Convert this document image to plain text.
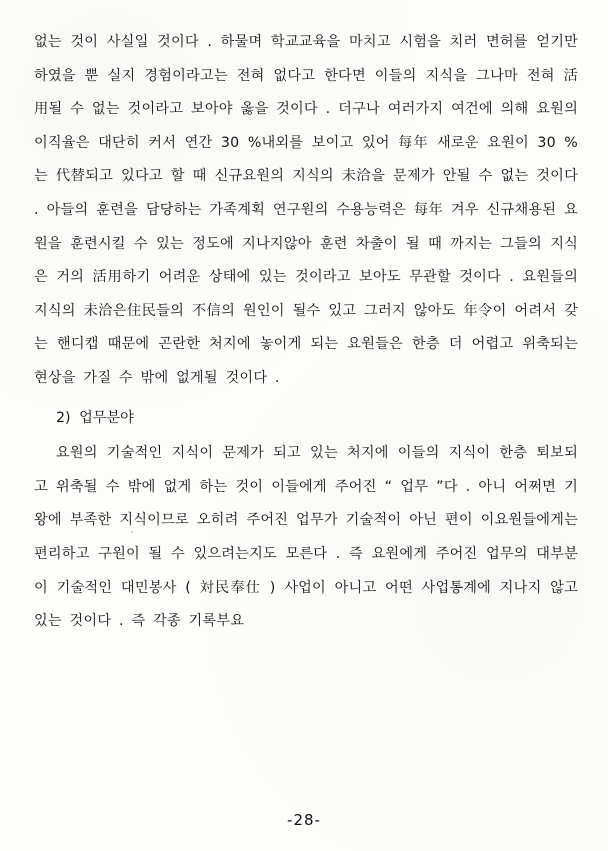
없는 것이 사실일 것이다 . 하물며 학교교육을 마치고 시험을 치러 면허를 얻기만 하였을 뿐 실지 경험이라고는 전혀 없다고 한다면 이들의 지식을 그나마 전혀 活用될 수 없는 것이라고 보아야 옳을 것이다 . 더구나 여러가지 여건에 의해 요원의 이직율은 대단히 커서 연간 30 %내외를 보이고 있어 每年 새로운 요원이 30 %는 代替되고 있다고 할 때 신규요원의 지식의 未洽을 문제가 안될 수 없는 것이다 . 아들의 훈련을 담당하는 가족계획 연구원의 수용능력은 每年 겨우 신규채용된 요원을 훈련시킬 수 있는 정도에 지나지않아 훈련 차출이 될 때 까지는 그들의 지식은 거의 活用하기 어려운 상태에 있는 것이라고 보아도 무관할 것이다 . 요원들의 지식의 未洽은住民들의 不信의 원인이 될수 있고 그러지 않아도 年令이 어려서 갖는 핸디캡 때문에 곤란한 처지에 놓이게 되는 요원들은 한층 더 어렵고 위축되는 현상을 가질 수 밖에 없게될 것이다 .

2) 업무분야

요원의 기술적인 지식이 문제가 되고 있는 처지에 이들의 지식이 한층 퇴보되고 위축될 수 밖에 없게 하는 것이 이들에게 주어진 “ 업무 ”다 . 아니 어쩌면 기왕에 부족한 지식이므로 오히려 주어진 업무가 기술적이 아닌 편이 이요원들에게는 편리하고 구원이 될 수 있으려는지도 모른다 . 즉 요원에게 주어진 업무의 대부분이 기술적인 대민봉사 ( 対民奉仕 ) 사업이 아니고 어떤 사업통계에 지나지 않고 있는 것이다 . 즉 각종 기록부요

-28-
